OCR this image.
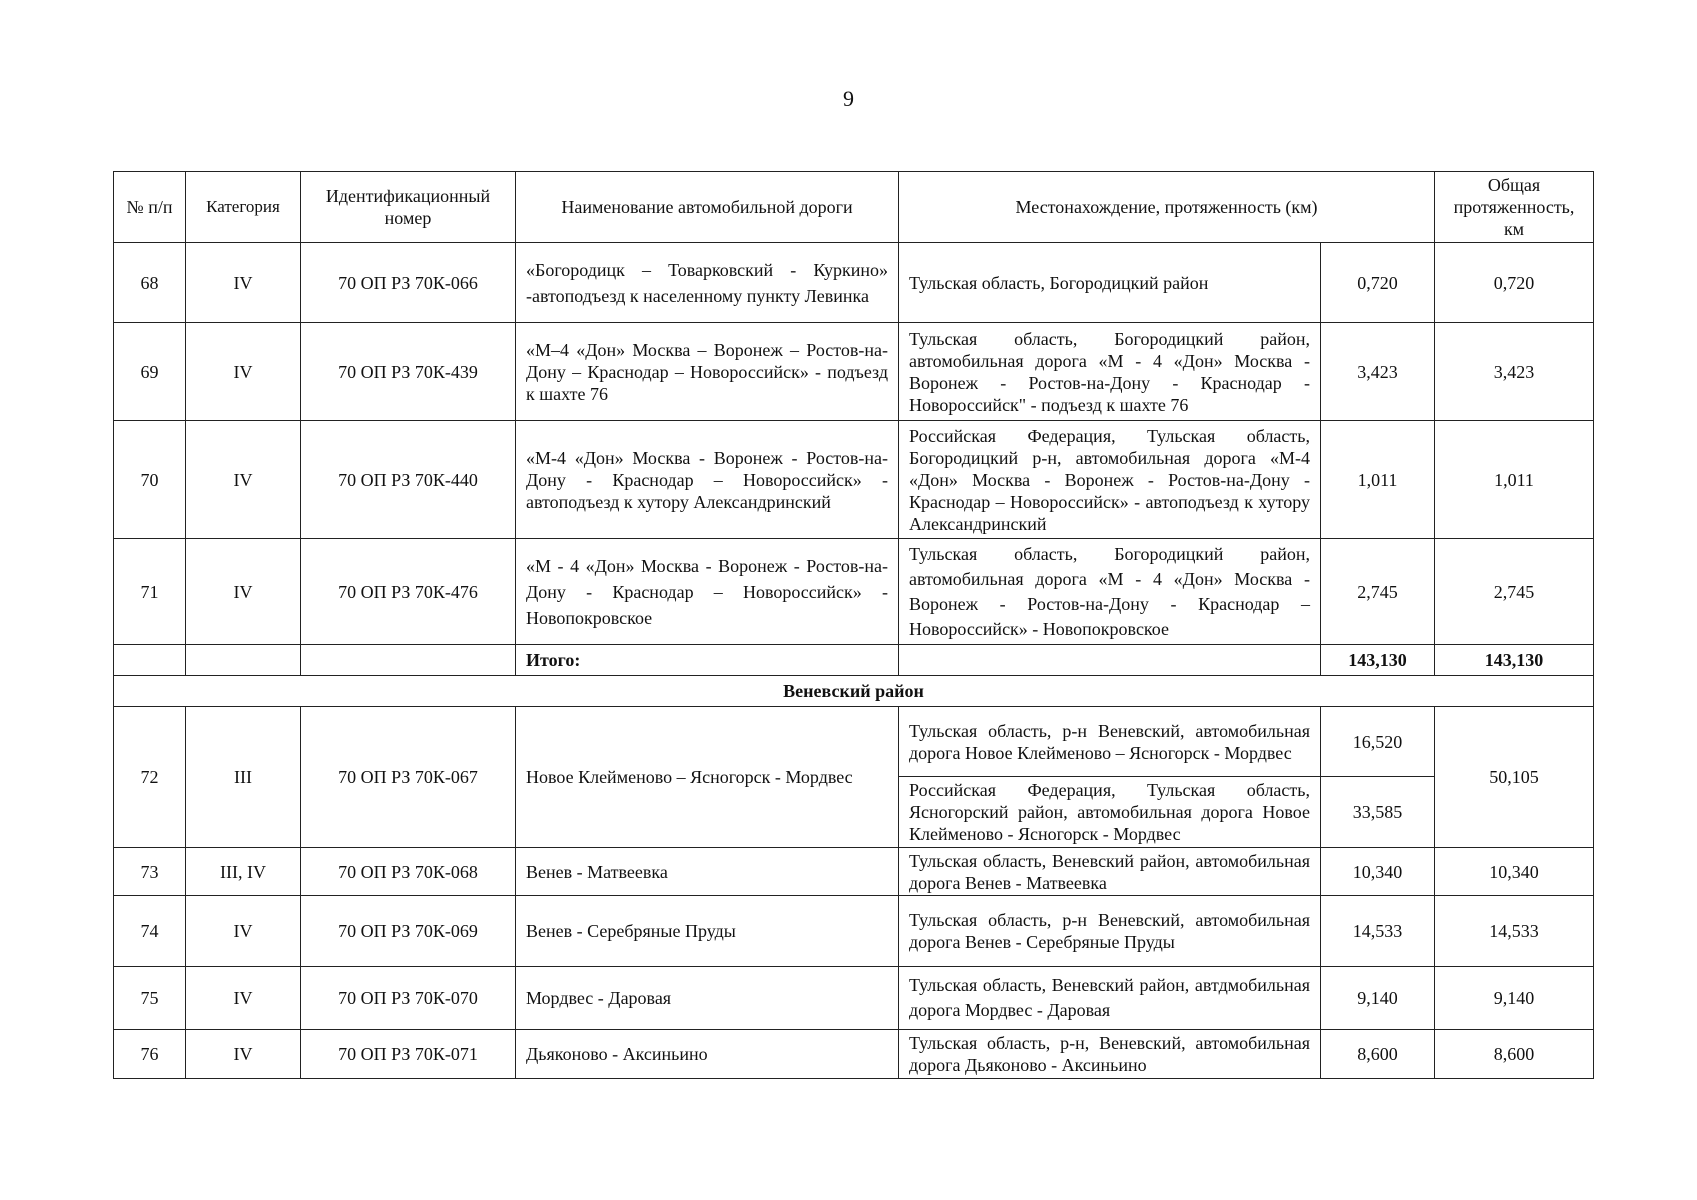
9
№ п/п	Категория	Идентификационный номер	Наименование автомобильной дороги	Местонахождение, протяженность (км)		Общая протяженность, км
68	IV	70 ОП РЗ 70К-066	«Богородицк – Товарковский - Куркино» -автоподъезд к населенному пункту Левинка	Тульская область, Богородицкий район	0,720	0,720
69	IV	70 ОП РЗ 70К-439	«М–4 «Дон» Москва – Воронеж – Ростов-на-Дону – Краснодар – Новороссийск» - подъезд к шахте 76	Тульская область, Богородицкий район, автомобильная дорога «М - 4 «Дон» Москва - Воронеж - Ростов-на-Дону - Краснодар - Новороссийск" - подъезд к шахте 76	3,423	3,423
70	IV	70 ОП РЗ 70К-440	«М-4 «Дон» Москва - Воронеж - Ростов-на-Дону - Краснодар – Новороссийск» - автоподъезд к хутору Александринский	Российская Федерация, Тульская область, Богородицкий р-н, автомобильная дорога «М-4 «Дон» Москва - Воронеж - Ростов-на-Дону - Краснодар – Новороссийск» - автоподъезд к хутору Александринский	1,011	1,011
71	IV	70 ОП РЗ 70К-476	«М - 4 «Дон» Москва - Воронеж - Ростов-на-Дону - Краснодар – Новороссийск» - Новопокровское	Тульская область, Богородицкий район, автомобильная дорога «М - 4 «Дон» Москва - Воронеж - Ростов-на-Дону - Краснодар – Новороссийск» - Новопокровское	2,745	2,745
			Итого:		143,130	143,130
Веневский район						
72	III	70 ОП РЗ 70К-067	Новое Клейменово – Ясногорск - Мордвес	Тульская область, р-н Веневский, автомобильная дорога Новое Клейменово – Ясногорск - Мордвес	16,520	50,105
				Российская Федерация, Тульская область, Ясногорский район, автомобильная дорога Новое Клейменово - Ясногорск - Мордвес	33,585	
73	III, IV	70 ОП РЗ 70К-068	Венев - Матвеевка	Тульская область, Веневский район, автомобильная дорога Венев - Матвеевка	10,340	10,340
74	IV	70 ОП РЗ 70К-069	Венев - Серебряные Пруды	Тульская область, р-н Веневский, автомобильная дорога Венев - Серебряные Пруды	14,533	14,533
75	IV	70 ОП РЗ 70К-070	Мордвес - Даровая	Тульская область, Веневский район, автдмобильная дорога Мордвес - Даровая	9,140	9,140
76	IV	70 ОП РЗ 70К-071	Дьяконово - Аксиньино	Тульская область, р-н, Веневский, автомобильная дорога Дьяконово - Аксиньино	8,600	8,600
